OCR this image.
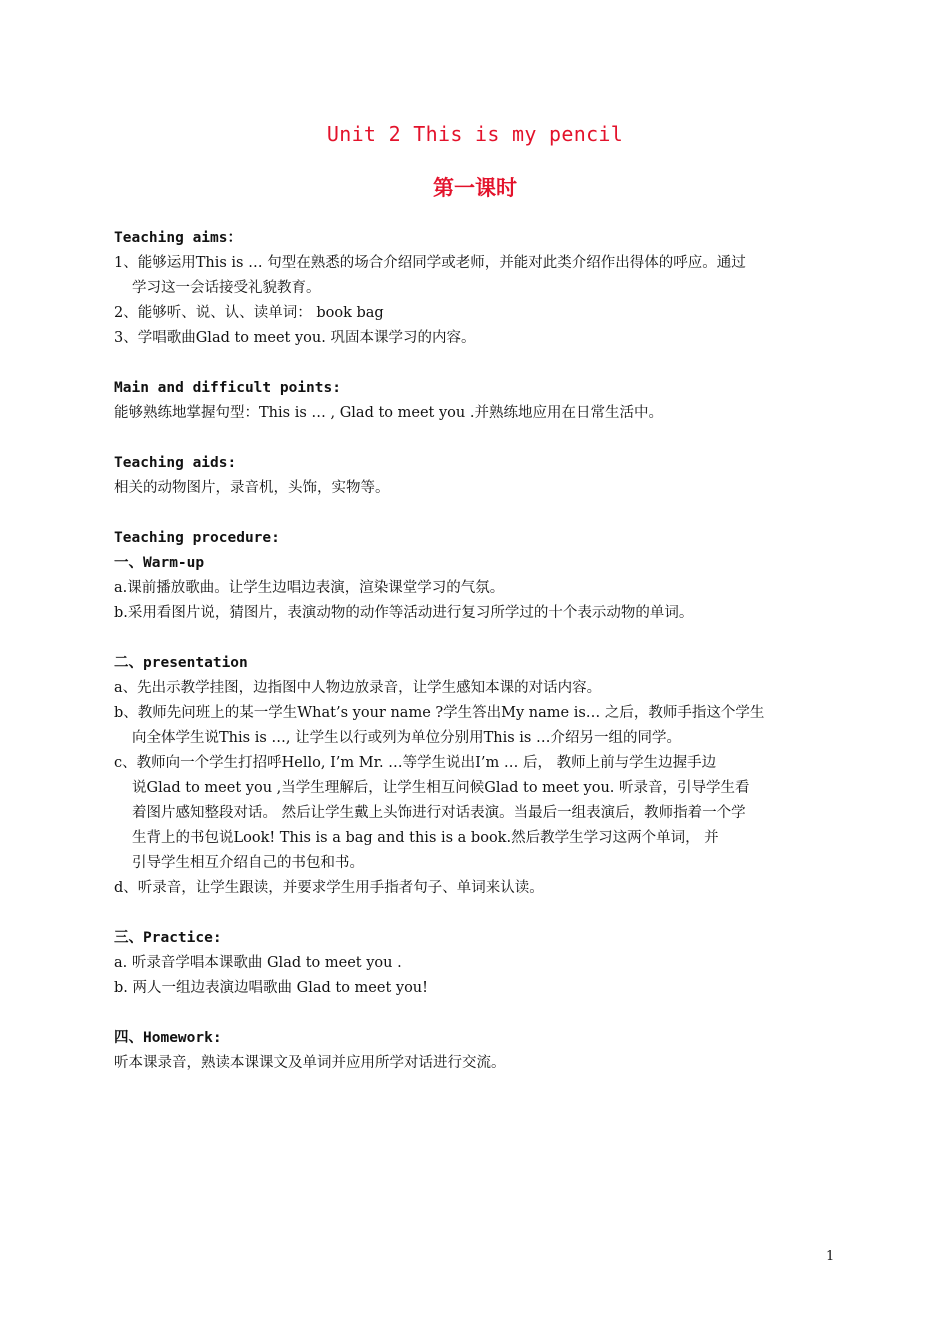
Unit 2 This is my pencil
第一课时
Teaching aims：
1、能够运用This is … 句型在熟悉的场合介绍同学或老师，并能对此类介绍作出得体的呼应。通过
学习这一会话接受礼貌教育。
2、能够听、说、认、读单词： book bag
3、学唱歌曲Glad to meet you. 巩固本课学习的内容。
Main and difficult points:
能够熟练地掌握句型：This is … , Glad to meet you .并熟练地应用在日常生活中。
Teaching aids:
相关的动物图片，录音机，头饰，实物等。
Teaching procedure:
一、Warm-up
a.课前播放歌曲。让学生边唱边表演，渲染课堂学习的气氛。
b.采用看图片说，猜图片，表演动物的动作等活动进行复习所学过的十个表示动物的单词。
二、presentation
a、先出示教学挂图，边指图中人物边放录音，让学生感知本课的对话内容。
b、教师先问班上的某一学生What’s your name ?学生答出My name is… 之后，教师手指这个学生
向全体学生说This is …, 让学生以行或列为单位分别用This is …介绍另一组的同学。
c、教师向一个学生打招呼Hello, I’m Mr. …等学生说出I’m … 后， 教师上前与学生边握手边
说Glad to meet you ,当学生理解后，让学生相互问候Glad to meet you. 听录音，引导学生看
着图片感知整段对话。 然后让学生戴上头饰进行对话表演。当最后一组表演后，教师指着一个学
生背上的书包说Look! This is a bag and this is a book.然后教学生学习这两个单词， 并
引导学生相互介绍自己的书包和书。
d、听录音，让学生跟读，并要求学生用手指者句子、单词来认读。
三、Practice:
a. 听录音学唱本课歌曲 Glad to meet you .
b. 两人一组边表演边唱歌曲 Glad to meet you!
四、Homework:
听本课录音，熟读本课课文及单词并应用所学对话进行交流。
1
